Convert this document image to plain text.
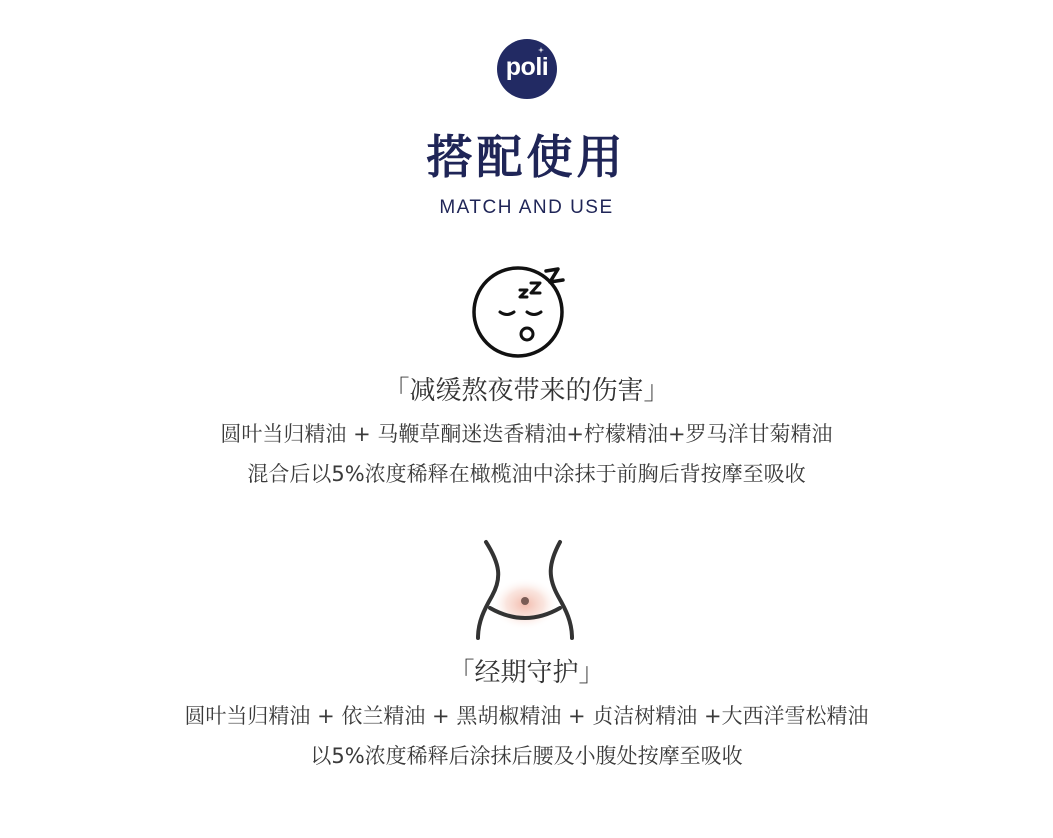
poli
搭配使用
MATCH AND USE
「减缓熬夜带来的伤害」
圆叶当归精油 + 马鞭草酮迷迭香精油+柠檬精油+罗马洋甘菊精油
混合后以5%浓度稀释在橄榄油中涂抹于前胸后背按摩至吸收
「经期守护」
圆叶当归精油 + 依兰精油 + 黑胡椒精油 + 贞洁树精油 +大西洋雪松精油
以5%浓度稀释后涂抹后腰及小腹处按摩至吸收
